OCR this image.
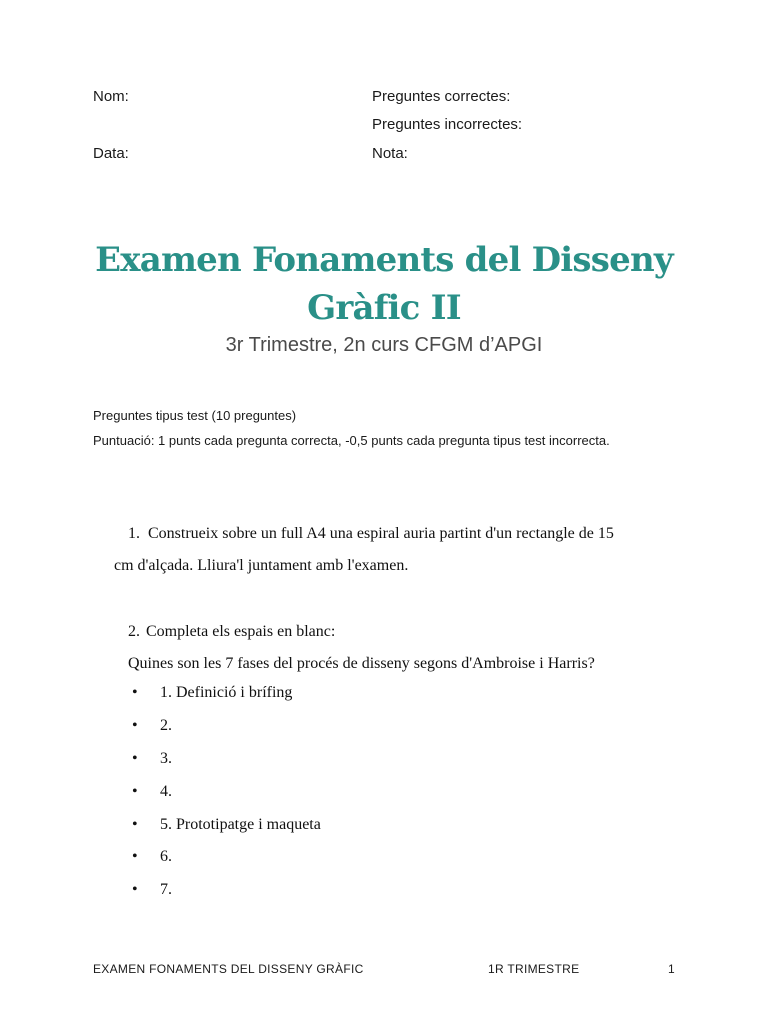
Nom:	Preguntes correctes:
Preguntes incorrectes:
Data:	Nota:
Examen Fonaments del Disseny
Gràfic II
3r Trimestre, 2n curs CFGM d’APGI
Preguntes tipus test (10 preguntes)
Puntuació: 1 punts cada pregunta correcta, -0,5 punts cada pregunta tipus test incorrecta.
1. Construeix sobre un full A4 una espiral auria partint d'un rectangle de 15
cm d'alçada. Lliura'l juntament amb l'examen.
2. Completa els espais en blanc:
Quines son les 7 fases del procés de disseny segons d'Ambroise i Harris?
• 1. Definició i brífing
• 2.
• 3.
• 4.
• 5. Prototipatge i maqueta
• 6.
• 7.
EXAMEN FONAMENTS DEL DISSENY GRÀFIC	1R TRIMESTRE	1
